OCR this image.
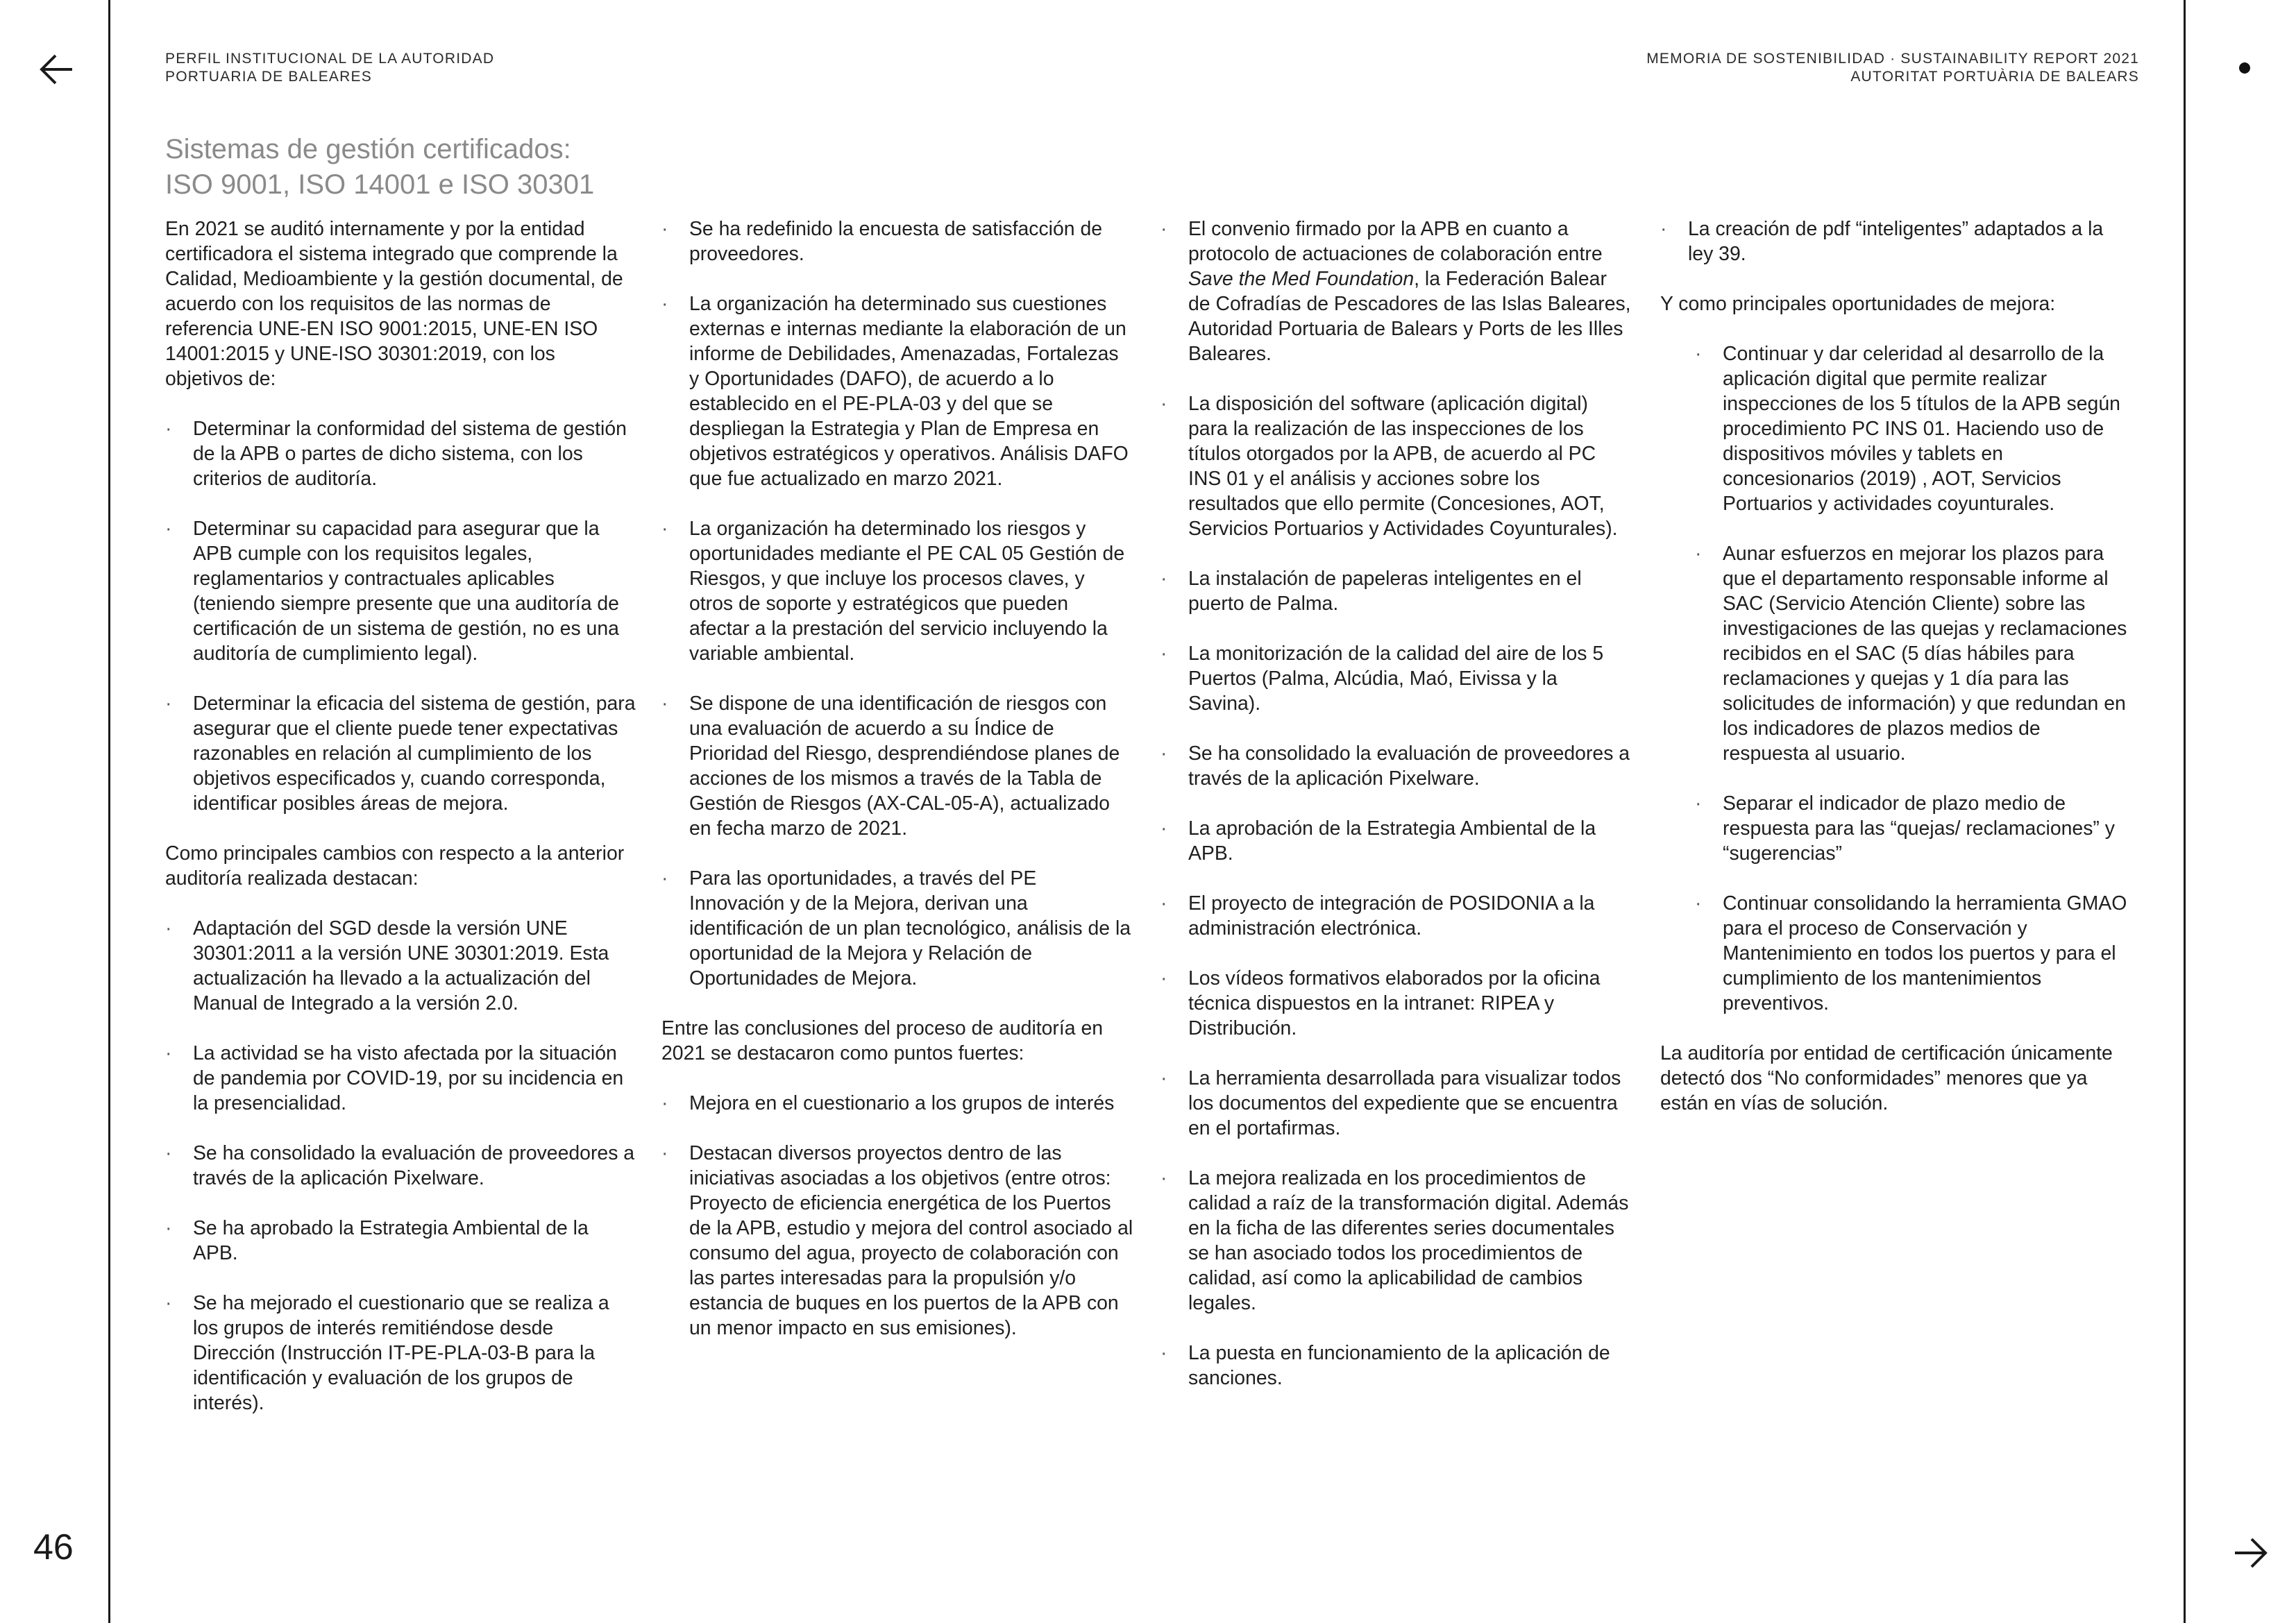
46
PERFIL INSTITUCIONAL DE LA AUTORIDAD
PORTUARIA DE BALEARES
MEMORIA DE SOSTENIBILIDAD · SUSTAINABILITY REPORT 2021
AUTORITAT PORTUÀRIA DE BALEARS
Sistemas de gestión certificados:
ISO 9001, ISO 14001 e ISO 30301

En 2021 se auditó internamente y por la entidad certificadora el sistema integrado que comprende la Calidad, Medioambiente y la gestión documental, de acuerdo con los requisitos de las normas de referencia UNE-EN ISO 9001:2015, UNE-EN ISO 14001:2015 y UNE-ISO 30301:2019, con los objetivos de:

· Determinar la conformidad del sistema de gestión de la APB o partes de dicho sistema, con los criterios de auditoría.
· Determinar su capacidad para asegurar que la APB cumple con los requisitos legales, reglamentarios y contractuales aplicables (teniendo siempre presente que una auditoría de certificación de un sistema de gestión, no es una auditoría de cumplimiento legal).
· Determinar la eficacia del sistema de gestión, para asegurar que el cliente puede tener expectativas razonables en relación al cumplimiento de los objetivos especificados y, cuando corresponda, identificar posibles áreas de mejora.

Como principales cambios con respecto a la anterior auditoría realizada destacan:

· Adaptación del SGD desde la versión UNE 30301:2011 a la versión UNE 30301:2019. Esta actualización ha llevado a la actualización del Manual de Integrado a la versión 2.0.
· La actividad se ha visto afectada por la situación de pandemia por COVID-19, por su incidencia en la presencialidad.
· Se ha consolidado la evaluación de proveedores a través de la aplicación Pixelware.
· Se ha aprobado la Estrategia Ambiental de la APB.
· Se ha mejorado el cuestionario que se realiza a los grupos de interés remitiéndose desde Dirección (Instrucción IT-PE-PLA-03-B para la identificación y evaluación de los grupos de interés).
· Se ha redefinido la encuesta de satisfacción de proveedores.
· La organización ha determinado sus cuestiones externas e internas mediante la elaboración de un informe de Debilidades, Amenazadas, Fortalezas y Oportunidades (DAFO), de acuerdo a lo establecido en el PE-PLA-03 y del que se despliegan la Estrategia y Plan de Empresa en objetivos estratégicos y operativos. Análisis DAFO que fue actualizado en marzo 2021.
· La organización ha determinado los riesgos y oportunidades mediante el PE CAL 05 Gestión de Riesgos, y que incluye los procesos claves, y otros de soporte y estratégicos que pueden afectar a la prestación del servicio incluyendo la variable ambiental.
· Se dispone de una identificación de riesgos con una evaluación de acuerdo a su Índice de Prioridad del Riesgo, desprendiéndose planes de acciones de los mismos a través de la Tabla de Gestión de Riesgos (AX-CAL-05-A), actualizado en fecha marzo de 2021.
· Para las oportunidades, a través del PE Innovación y de la Mejora, derivan una identificación de un plan tecnológico, análisis de la oportunidad de la Mejora y Relación de Oportunidades de Mejora.

Entre las conclusiones del proceso de auditoría en 2021 se destacaron como puntos fuertes:

· Mejora en el cuestionario a los grupos de interés
· Destacan diversos proyectos dentro de las iniciativas asociadas a los objetivos (entre otros: Proyecto de eficiencia energética de los Puertos de la APB, estudio y mejora del control asociado al consumo del agua, proyecto de colaboración con las partes interesadas para la propulsión y/o estancia de buques en los puertos de la APB con un menor impacto en sus emisiones).
· El convenio firmado por la APB en cuanto a protocolo de actuaciones de colaboración entre Save the Med Foundation, la Federación Balear de Cofradías de Pescadores de las Islas Baleares, Autoridad Portuaria de Balears y Ports de les Illes Baleares.
· La disposición del software (aplicación digital) para la realización de las inspecciones de los títulos otorgados por la APB, de acuerdo al PC INS 01 y el análisis y acciones sobre los resultados que ello permite (Concesiones, AOT, Servicios Portuarios y Actividades Coyunturales).
· La instalación de papeleras inteligentes en el puerto de Palma.
· La monitorización de la calidad del aire de los 5 Puertos (Palma, Alcúdia, Maó, Eivissa y la Savina).
· Se ha consolidado la evaluación de proveedores a través de la aplicación Pixelware.
· La aprobación de la Estrategia Ambiental de la APB.
· El proyecto de integración de POSIDONIA a la administración electrónica.
· Los vídeos formativos elaborados por la oficina técnica dispuestos en la intranet: RIPEA y Distribución.
· La herramienta desarrollada para visualizar todos los documentos del expediente que se encuentra en el portafirmas.
· La mejora realizada en los procedimientos de calidad a raíz de la transformación digital. Además en la ficha de las diferentes series documentales se han asociado todos los procedimientos de calidad, así como la aplicabilidad de cambios legales.
· La puesta en funcionamiento de la aplicación de sanciones.
· La creación de pdf “inteligentes” adaptados a la ley 39.

Y como principales oportunidades de mejora:

· Continuar y dar celeridad al desarrollo de la aplicación digital que permite realizar inspecciones de los 5 títulos de la APB según procedimiento PC INS 01. Haciendo uso de dispositivos móviles y tablets en concesionarios (2019) , AOT, Servicios Portuarios y actividades coyunturales.
· Aunar esfuerzos en mejorar los plazos para que el departamento responsable informe al SAC (Servicio Atención Cliente) sobre las investigaciones de las quejas y reclamaciones recibidos en el SAC (5 días hábiles para reclamaciones y quejas y 1 día para las solicitudes de información) y que redundan en los indicadores de plazos medios de respuesta al usuario.
· Separar el indicador de plazo medio de respuesta para las “quejas/ reclamaciones” y “sugerencias”
· Continuar consolidando la herramienta GMAO para el proceso de Conservación y Mantenimiento en todos los puertos y para el cumplimiento de los mantenimientos preventivos.

La auditoría por entidad de certificación únicamente detectó dos “No conformidades” menores que ya están en vías de solución.
